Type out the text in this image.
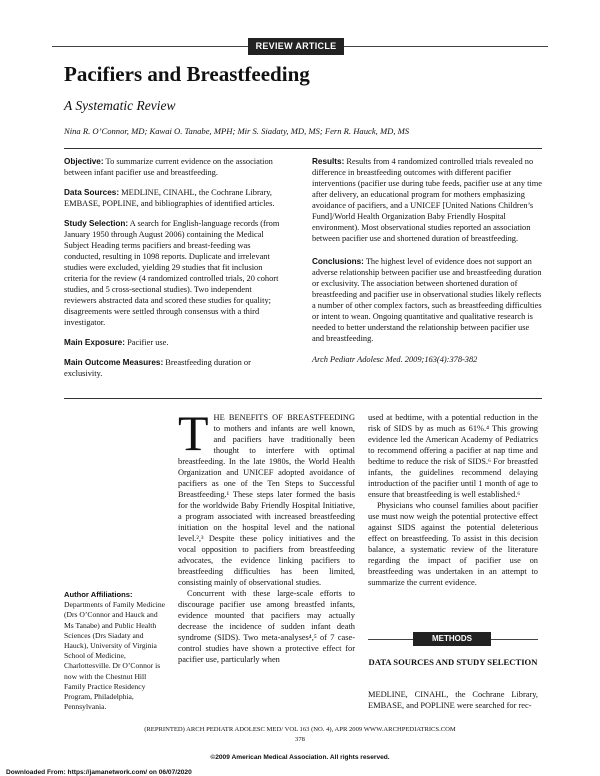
REVIEW ARTICLE
Pacifiers and Breastfeeding
A Systematic Review
Nina R. O’Connor, MD; Kawai O. Tanabe, MPH; Mir S. Siadaty, MD, MS; Fern R. Hauck, MD, MS

Objective: To summarize current evidence on the association between infant pacifier use and breastfeeding.

Data Sources: MEDLINE, CINAHL, the Cochrane Library, EMBASE, POPLINE, and bibliographies of identified articles.

Study Selection: A search for English-language records (from January 1950 through August 2006) containing the Medical Subject Heading terms pacifiers and breast-feeding was conducted, resulting in 1098 reports. Duplicate and irrelevant studies were excluded, yielding 29 studies that fit inclusion criteria for the review (4 randomized controlled trials, 20 cohort studies, and 5 cross-sectional studies). Two independent reviewers abstracted data and scored these studies for quality; disagreements were settled through consensus with a third investigator.

Main Exposure: Pacifier use.

Main Outcome Measures: Breastfeeding duration or exclusivity.

Results: Results from 4 randomized controlled trials revealed no difference in breastfeeding outcomes with different pacifier interventions (pacifier use during tube feeds, pacifier use at any time after delivery, an educational program for mothers emphasizing avoidance of pacifiers, and a UNICEF [United Nations Children’s Fund]/World Health Organization Baby Friendly Hospital environment). Most observational studies reported an association between pacifier use and shortened duration of breastfeeding.

Conclusions: The highest level of evidence does not support an adverse relationship between pacifier use and breastfeeding duration or exclusivity. The association between shortened duration of breastfeeding and pacifier use in observational studies likely reflects a number of other complex factors, such as breastfeeding difficulties or intent to wean. Ongoing quantitative and qualitative research is needed to better understand the relationship between pacifier use and breastfeeding.

Arch Pediatr Adolesc Med. 2009;163(4):378-382

Author Affiliations:
Departments of Family Medicine (Drs O’Connor and Hauck and Ms Tanabe) and Public Health Sciences (Drs Siadaty and Hauck), University of Virginia School of Medicine, Charlottesville. Dr O’Connor is now with the Chestnut Hill Family Practice Residency Program, Philadelphia, Pennsylvania.

THE BENEFITS OF BREASTFEEDING to mothers and infants are well known, and pacifiers have traditionally been thought to interfere with optimal breastfeeding. In the late 1980s, the World Health Organization and UNICEF adopted avoidance of pacifiers as one of the Ten Steps to Successful Breastfeeding.¹ These steps later formed the basis for the worldwide Baby Friendly Hospital Initiative, a program associated with increased breastfeeding initiation on the hospital level and the national level.²,³ Despite these policy initiatives and the vocal opposition to pacifiers from breastfeeding advocates, the evidence linking pacifiers to breastfeeding difficulties has been limited, consisting mainly of observational studies.

Concurrent with these large-scale efforts to discourage pacifier use among breastfed infants, evidence mounted that pacifiers may actually decrease the incidence of sudden infant death syndrome (SIDS). Two meta-analyses⁴,⁵ of 7 case-control studies have shown a protective effect for pacifier use, particularly when

used at bedtime, with a potential reduction in the risk of SIDS by as much as 61%.⁴ This growing evidence led the American Academy of Pediatrics to recommend offering a pacifier at nap time and bedtime to reduce the risk of SIDS.⁶ For breastfed infants, the guidelines recommend delaying introduction of the pacifier until 1 month of age to ensure that breastfeeding is well established.⁶

Physicians who counsel families about pacifier use must now weigh the potential protective effect against SIDS against the potential deleterious effect on breastfeeding. To assist in this decision balance, a systematic review of the literature regarding the impact of pacifier use on breastfeeding was undertaken in an attempt to summarize the current evidence.

METHODS
DATA SOURCES AND STUDY SELECTION

MEDLINE, CINAHL, the Cochrane Library, EMBASE, and POPLINE were searched for rec-

(REPRINTED) ARCH PEDIATR ADOLESC MED/ VOL 163 (NO. 4), APR 2009 WWW.ARCHPEDIATRICS.COM
378
©2009 American Medical Association. All rights reserved.
Downloaded From: https://jamanetwork.com/ on 06/07/2020
